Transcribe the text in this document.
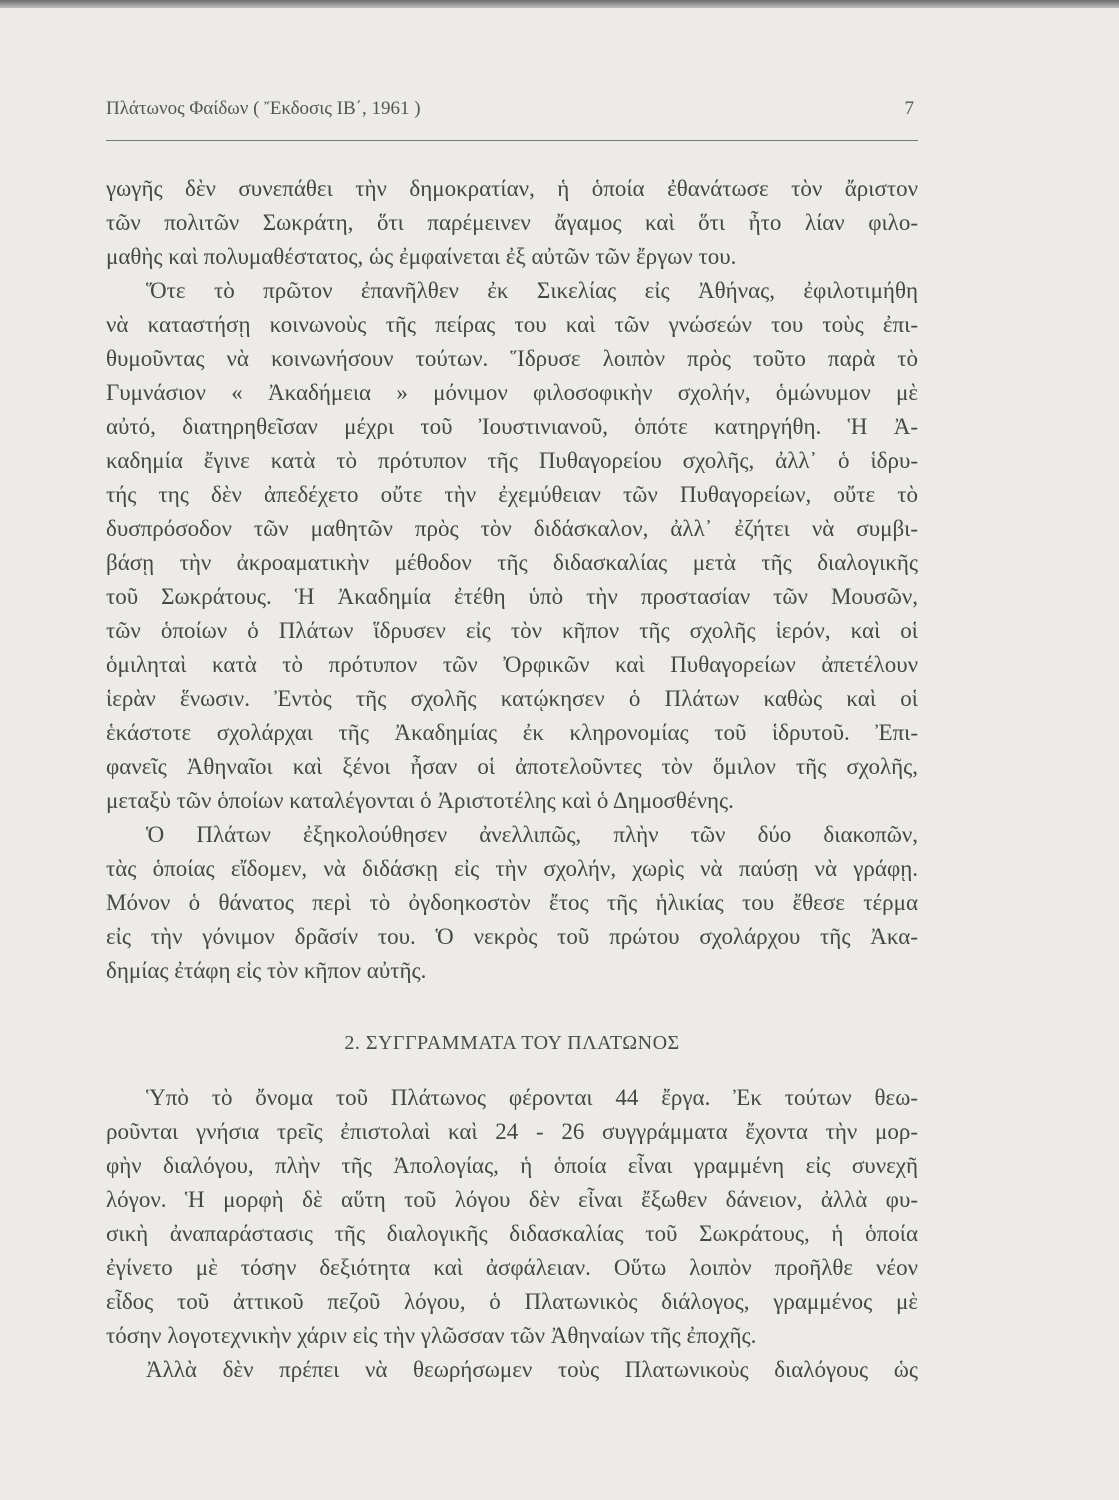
Πλάτωνος Φαίδων ( Ἔκδοσις ΙΒ΄, 1961 )	7
γωγῆς δὲν συνεπάθει τὴν δημοκρατίαν, ἡ ὁποία ἐθανάτωσε τὸν ἄριστον
τῶν πολιτῶν Σωκράτη, ὅτι παρέμεινεν ἄγαμος καὶ ὅτι ἦτο λίαν φιλο-
μαθὴς καὶ πολυμαθέστατος, ὡς ἐμφαίνεται ἐξ αὐτῶν τῶν ἔργων του.
Ὅτε τὸ πρῶτον ἐπανῆλθεν ἐκ Σικελίας εἰς Ἀθήνας, ἐφιλοτιμήθη
νὰ καταστήσῃ κοινωνοὺς τῆς πείρας του καὶ τῶν γνώσεών του τοὺς ἐπι-
θυμοῦντας νὰ κοινωνήσουν τούτων. Ἵδρυσε λοιπὸν πρὸς τοῦτο παρὰ τὸ
Γυμνάσιον « Ἀκαδήμεια » μόνιμον φιλοσοφικὴν σχολήν, ὁμώνυμον μὲ
αὐτό, διατηρηθεῖσαν μέχρι τοῦ Ἰουστινιανοῦ, ὁπότε κατηργήθη. Ἡ Ἀ-
καδημία ἔγινε κατὰ τὸ πρότυπον τῆς Πυθαγορείου σχολῆς, ἀλλ᾿ ὁ ἱδρυ-
τής της δὲν ἀπεδέχετο οὔτε τὴν ἐχεμύθειαν τῶν Πυθαγορείων, οὔτε τὸ
δυσπρόσοδον τῶν μαθητῶν πρὸς τὸν διδάσκαλον, ἀλλ᾿ ἐζήτει νὰ συμβι-
βάσῃ τὴν ἀκροαματικὴν μέθοδον τῆς διδασκαλίας μετὰ τῆς διαλογικῆς
τοῦ Σωκράτους. Ἡ Ἀκαδημία ἐτέθη ὑπὸ τὴν προστασίαν τῶν Μουσῶν,
τῶν ὁποίων ὁ Πλάτων ἵδρυσεν εἰς τὸν κῆπον τῆς σχολῆς ἱερόν, καὶ οἱ
ὁμιληταὶ κατὰ τὸ πρότυπον τῶν Ὀρφικῶν καὶ Πυθαγορείων ἀπετέλουν
ἱερὰν ἕνωσιν. Ἐντὸς τῆς σχολῆς κατῴκησεν ὁ Πλάτων καθὼς καὶ οἱ
ἑκάστοτε σχολάρχαι τῆς Ἀκαδημίας ἐκ κληρονομίας τοῦ ἱδρυτοῦ. Ἐπι-
φανεῖς Ἀθηναῖοι καὶ ξένοι ἦσαν οἱ ἀποτελοῦντες τὸν ὅμιλον τῆς σχολῆς,
μεταξὺ τῶν ὁποίων καταλέγονται ὁ Ἀριστοτέλης καὶ ὁ Δημοσθένης.
Ὁ Πλάτων ἐξηκολούθησεν ἀνελλιπῶς, πλὴν τῶν δύο διακοπῶν,
τὰς ὁποίας εἴδομεν, νὰ διδάσκῃ εἰς τὴν σχολήν, χωρὶς νὰ παύσῃ νὰ γράφῃ.
Μόνον ὁ θάνατος περὶ τὸ ὀγδοηκοστὸν ἔτος τῆς ἡλικίας του ἔθεσε τέρμα
εἰς τὴν γόνιμον δρᾶσίν του. Ὁ νεκρὸς τοῦ πρώτου σχολάρχου τῆς Ἀκα-
δημίας ἐτάφη εἰς τὸν κῆπον αὐτῆς.
2. ΣΥΓΓΡΑΜΜΑΤΑ ΤΟΥ ΠΛΑΤΩΝΟΣ
Ὑπὸ τὸ ὄνομα τοῦ Πλάτωνος φέρονται 44 ἔργα. Ἐκ τούτων θεω-
ροῦνται γνήσια τρεῖς ἐπιστολαὶ καὶ 24 - 26 συγγράμματα ἔχοντα τὴν μορ-
φὴν διαλόγου, πλὴν τῆς Ἀπολογίας, ἡ ὁποία εἶναι γραμμένη εἰς συνεχῆ
λόγον. Ἡ μορφὴ δὲ αὕτη τοῦ λόγου δὲν εἶναι ἔξωθεν δάνειον, ἀλλὰ φυ-
σικὴ ἀναπαράστασις τῆς διαλογικῆς διδασκαλίας τοῦ Σωκράτους, ἡ ὁποία
ἐγίνετο μὲ τόσην δεξιότητα καὶ ἀσφάλειαν. Οὕτω λοιπὸν προῆλθε νέον
εἶδος τοῦ ἀττικοῦ πεζοῦ λόγου, ὁ Πλατωνικὸς διάλογος, γραμμένος μὲ
τόσην λογοτεχνικὴν χάριν εἰς τὴν γλῶσσαν τῶν Ἀθηναίων τῆς ἐποχῆς.
Ἀλλὰ δὲν πρέπει νὰ θεωρήσωμεν τοὺς Πλατωνικοὺς διαλόγους ὡς
